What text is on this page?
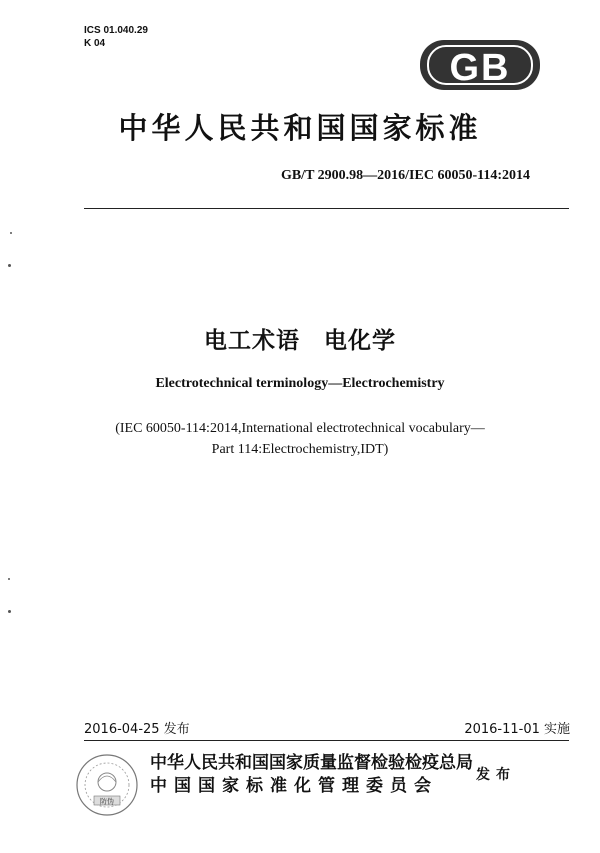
ICS 01.040.29
K 04
GB
中华人民共和国国家标准
GB/T 2900.98—2016/IEC 60050-114:2014
电工术语　电化学
Electrotechnical terminology—Electrochemistry
(IEC 60050-114:2014,International electrotechnical vocabulary—
Part 114:Electrochemistry,IDT)
2016-04-25 发布	2016-11-01 实施
防伪
中华人民共和国国家质量监督检验检疫总局
中国国家标准化管理委员会
发布
